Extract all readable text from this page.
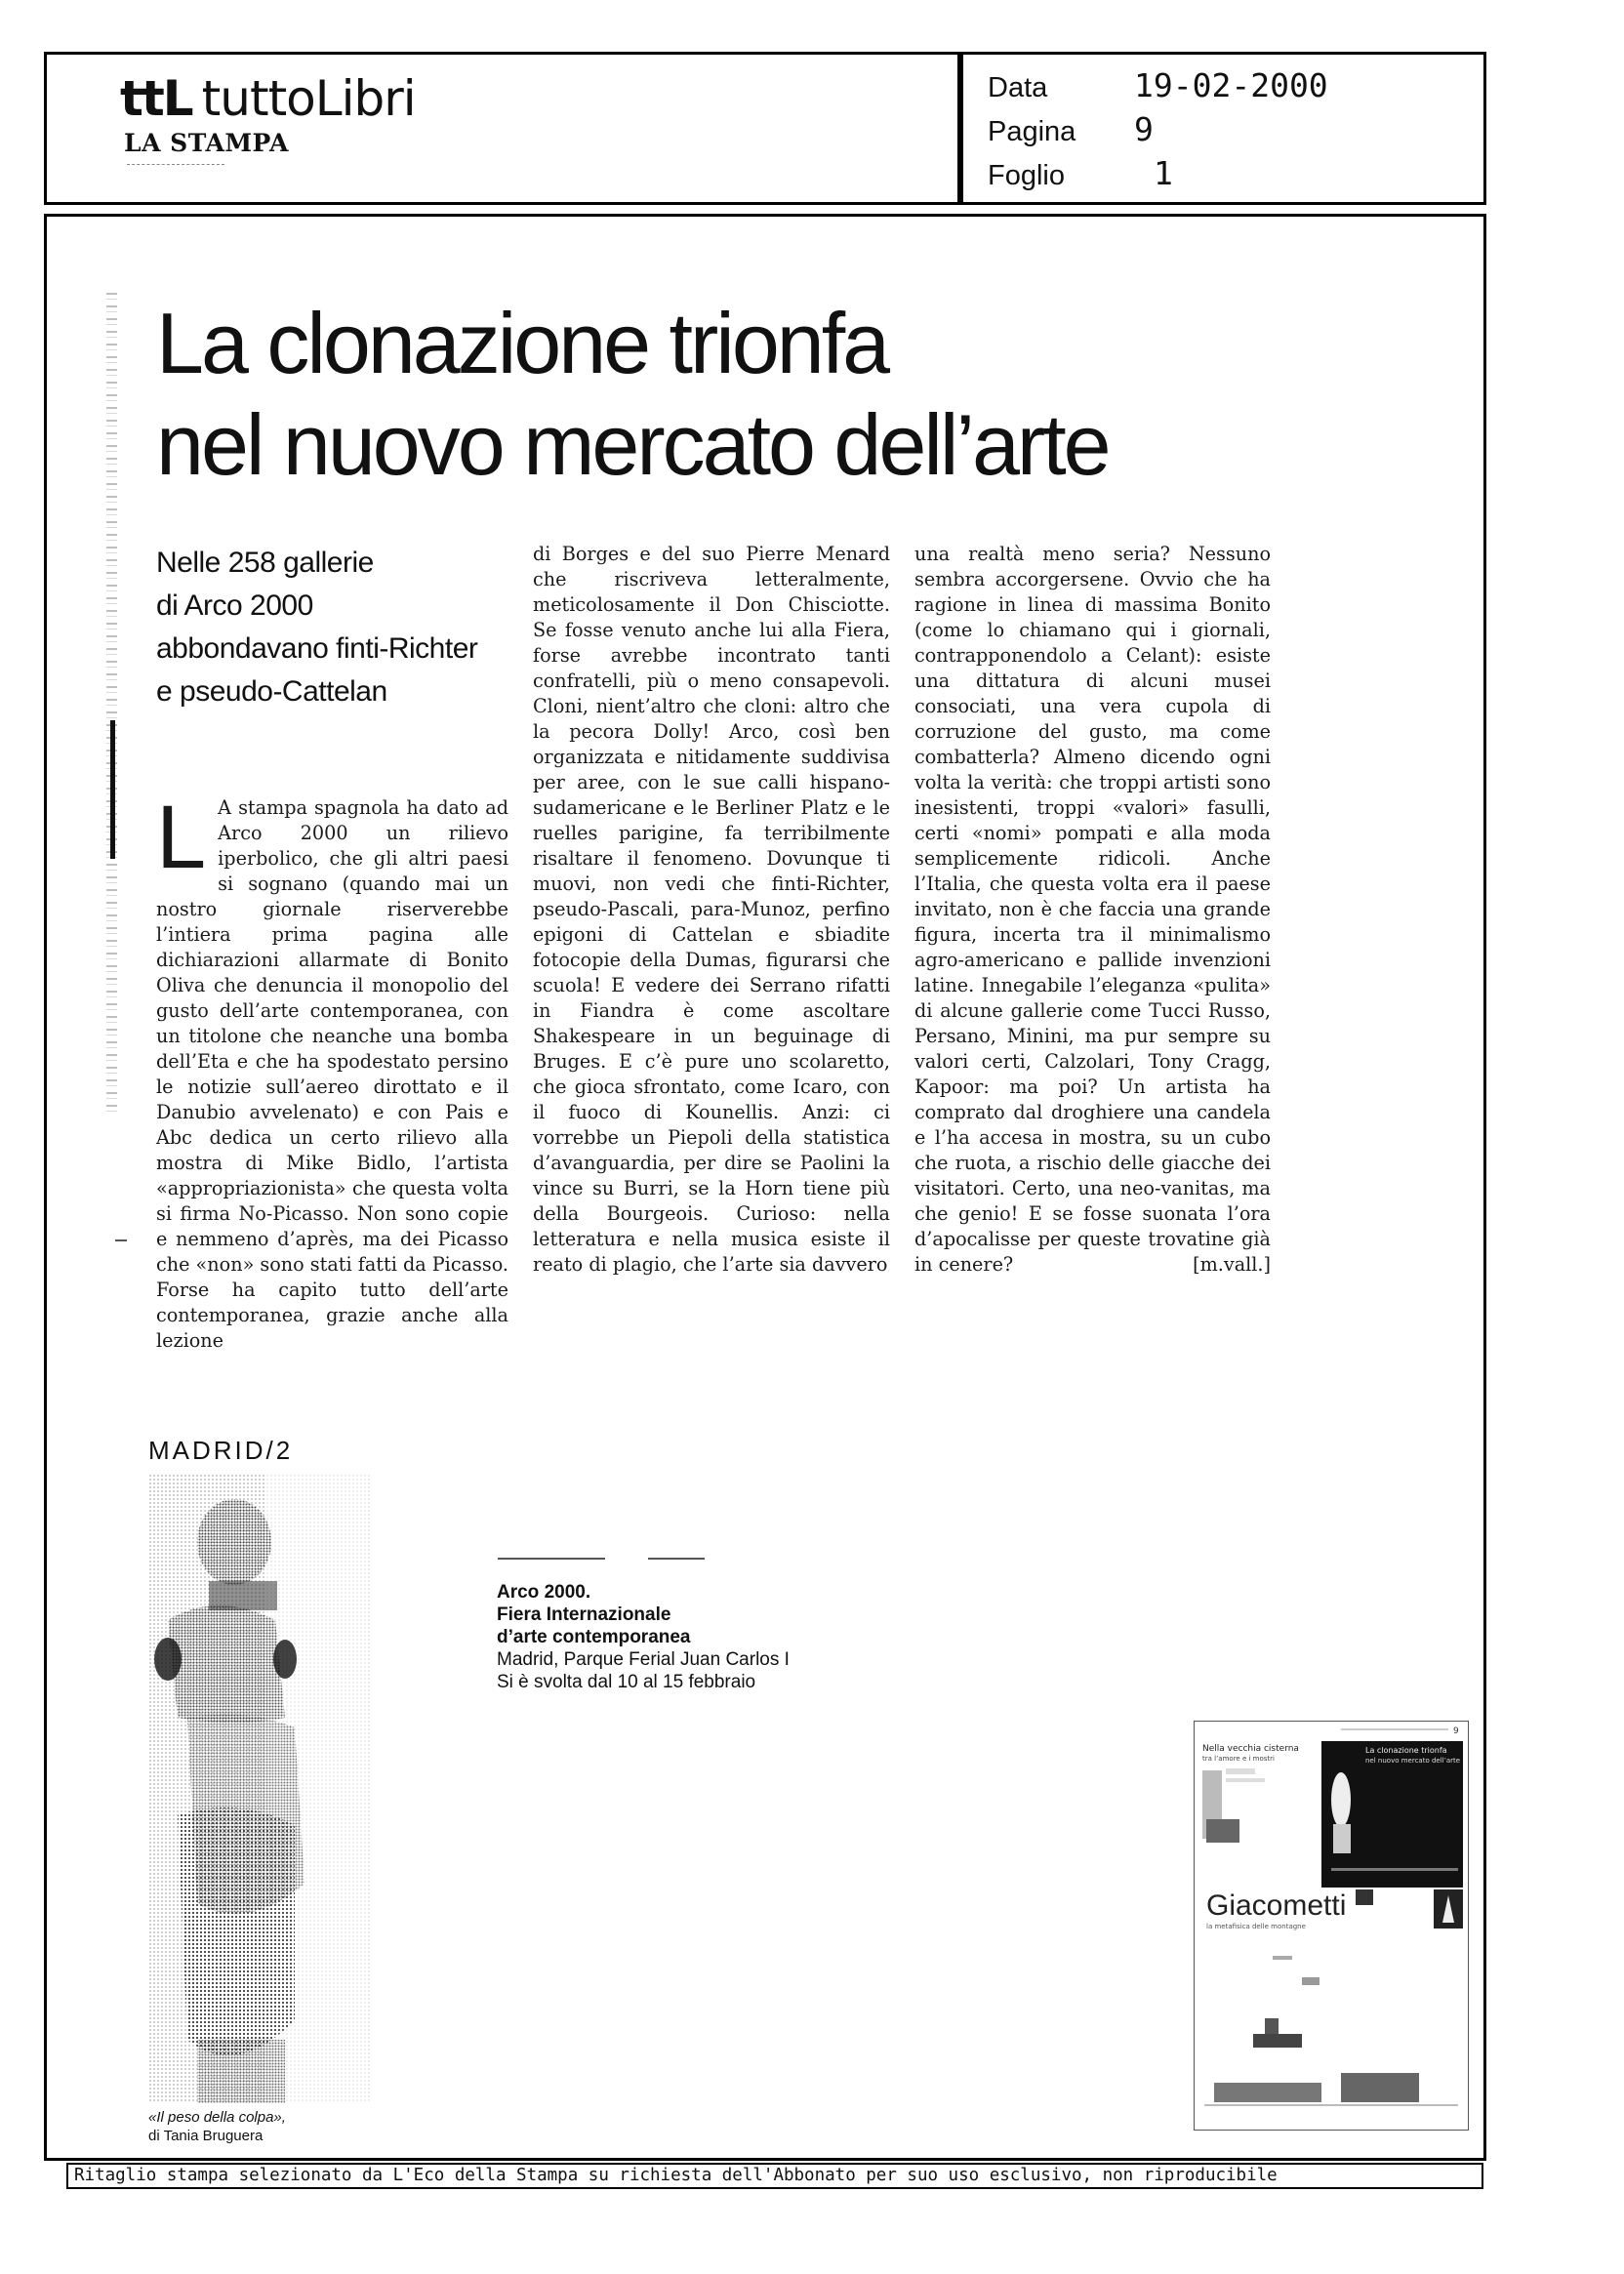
ttL tuttoLibri
LA STAMPA
Data	19-02-2000
Pagina	9
Foglio	1
La clonazione trionfa
nel nuovo mercato dell’arte
Nelle 258 gallerie
di Arco 2000
abbondavano finti-Richter
e pseudo-Cattelan
L A stampa spagnola ha dato ad Arco 2000 un rilievo iperbolico, che gli altri paesi si sognano (quando mai un nostro giornale riserverebbe l’intiera prima pagina alle dichiarazioni allarmate di Bonito Oliva che denuncia il monopolio del gusto dell’arte contemporanea, con un titolone che neanche una bomba dell’Eta e che ha spodestato persino le notizie sull’aereo dirottato e il Danubio avvelenato) e con Pais e Abc dedica un certo rilievo alla mostra di Mike Bidlo, l’artista «appropriazionista» che questa volta si firma No-Picasso. Non sono copie e nemmeno d’après, ma dei Picasso che «non» sono stati fatti da Picasso. Forse ha capito tutto dell’arte contemporanea, grazie anche alla lezione

di Borges e del suo Pierre Menard che riscriveva letteralmente, meticolosamente il Don Chisciotte. Se fosse venuto anche lui alla Fiera, forse avrebbe incontrato tanti confratelli, più o meno consapevoli. Cloni, nient’altro che cloni: altro che la pecora Dolly! Arco, così ben organizzata e nitidamente suddivisa per aree, con le sue calli hispano-sudamericane e le Berliner Platz e le ruelles parigine, fa terribilmente risaltare il fenomeno. Dovunque ti muovi, non vedi che finti-Richter, pseudo-Pascali, para-Munoz, perfino epigoni di Cattelan e sbiadite fotocopie della Dumas, figurarsi che scuola! E vedere dei Serrano rifatti in Fiandra è come ascoltare Shakespeare in un beguinage di Bruges. E c’è pure uno scolaretto, che gioca sfrontato, come Icaro, con il fuoco di Kounellis. Anzi: ci vorrebbe un Piepoli della statistica d’avanguardia, per dire se Paolini la vince su Burri, se la Horn tiene più della Bourgeois. Curioso: nella letteratura e nella musica esiste il reato di plagio, che l’arte sia davvero

una realtà meno seria? Nessuno sembra accorgersene. Ovvio che ha ragione in linea di massima Bonito (come lo chiamano qui i giornali, contrapponendolo a Celant): esiste una dittatura di alcuni musei consociati, una vera cupola di corruzione del gusto, ma come combatterla? Almeno dicendo ogni volta la verità: che troppi artisti sono inesistenti, troppi «valori» fasulli, certi «nomi» pompati e alla moda semplicemente ridicoli. Anche l’Italia, che questa volta era il paese invitato, non è che faccia una grande figura, incerta tra il minimalismo agro-americano e pallide invenzioni latine. Innegabile l’eleganza «pulita» di alcune gallerie come Tucci Russo, Persano, Minini, ma pur sempre su valori certi, Calzolari, Tony Cragg, Kapoor: ma poi? Un artista ha comprato dal droghiere una candela e l’ha accesa in mostra, su un cubo che ruota, a rischio delle giacche dei visitatori. Certo, una neo-vanitas, ma che genio! E se fosse suonata l’ora d’apocalisse per queste trovatine già in cenere?	[m.vall.]

MADRID/2
«Il peso della colpa»,
di Tania Bruguera
Arco 2000.
Fiera Internazionale
d’arte contemporanea
Madrid, Parque Ferial Juan Carlos I
Si è svolta dal 10 al 15 febbraio
9
Nella vecchia cisterna
tra l’amore e i mostri
La clonazione trionfa
nel nuovo mercato dell’arte
Giacometti
la metafisica delle montagne
Ritaglio stampa selezionato da L'Eco della Stampa su richiesta dell'Abbonato per suo uso esclusivo, non riproducibile
